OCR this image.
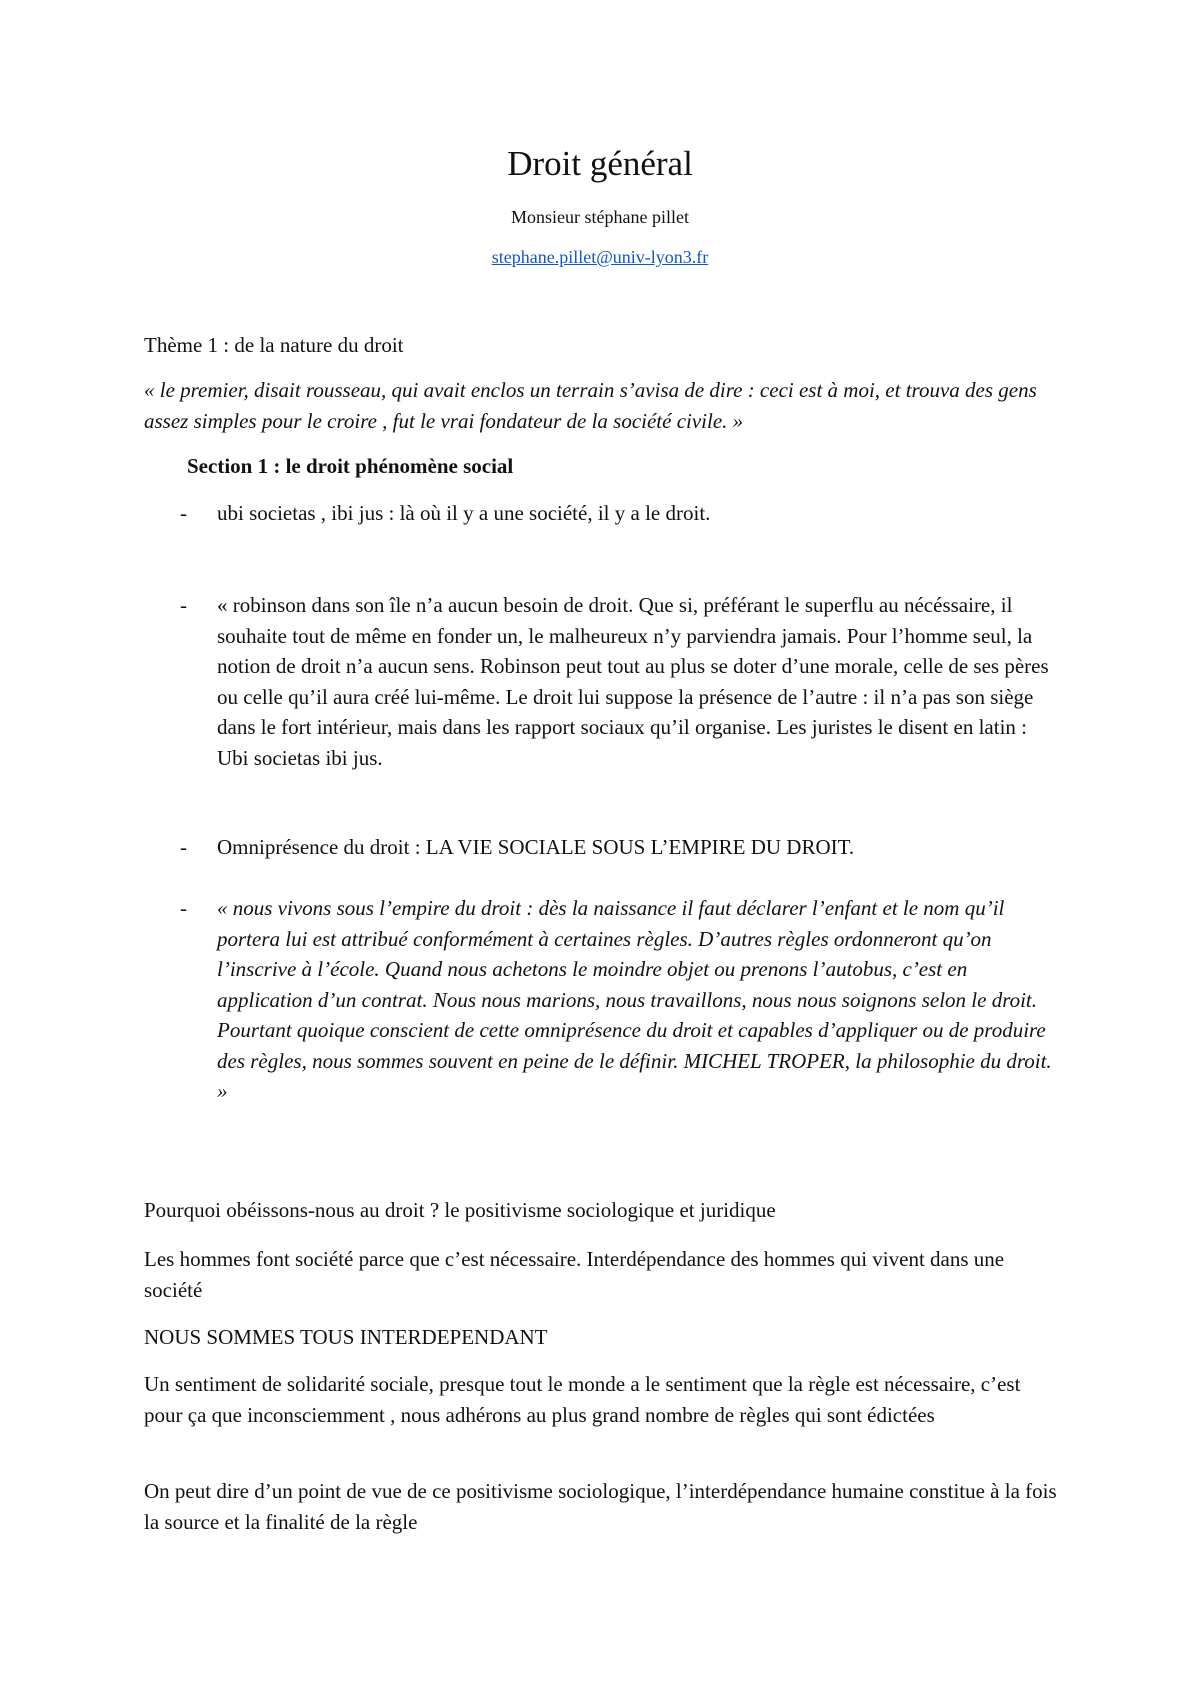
Droit général
Monsieur stéphane pillet
stephane.pillet@univ-lyon3.fr

Thème 1 : de la nature du droit

« le premier, disait rousseau, qui avait enclos un terrain s’avisa de dire : ceci est à moi, et trouva des gens assez simples pour le croire , fut le vrai fondateur de la société civile. »

Section 1 : le droit phénomène social

- ubi societas , ibi jus : là où il y a une société, il y a le droit.
- « robinson dans son île n’a aucun besoin de droit. Que si, préférant le superflu au nécéssaire, il souhaite tout de même en fonder un, le malheureux n’y parviendra jamais. Pour l’homme seul, la notion de droit n’a aucun sens. Robinson peut tout au plus se doter d’une morale, celle de ses pères ou celle qu’il aura créé lui-même. Le droit lui suppose la présence de l’autre : il n’a pas son siège dans le fort intérieur, mais dans les rapport sociaux qu’il organise. Les juristes le disent en latin : Ubi societas ibi jus.
- Omniprésence du droit : LA VIE SOCIALE SOUS L’EMPIRE DU DROIT.
- « nous vivons sous l’empire du droit : dès la naissance il faut déclarer l’enfant et le nom qu’il portera lui est attribué conformément à certaines règles. D’autres règles ordonneront qu’on l’inscrive à l’école. Quand nous achetons le moindre objet ou prenons l’autobus, c’est en application d’un contrat. Nous nous marions, nous travaillons, nous nous soignons selon le droit. Pourtant quoique conscient de cette omniprésence du droit et capables d’appliquer ou de produire des règles, nous sommes souvent en peine de le définir. MICHEL TROPER, la philosophie du droit. »

Pourquoi obéissons-nous au droit ? le positivisme sociologique et juridique

Les hommes font société parce que c’est nécessaire. Interdépendance des hommes qui vivent dans une société

NOUS SOMMES TOUS INTERDEPENDANT

Un sentiment de solidarité sociale, presque tout le monde a le sentiment que la règle est nécessaire, c’est pour ça que inconsciemment , nous adhérons au plus grand nombre de règles qui sont édictées

On peut dire d’un point de vue de ce positivisme sociologique, l’interdépendance humaine constitue à la fois la source et la finalité de la règle
